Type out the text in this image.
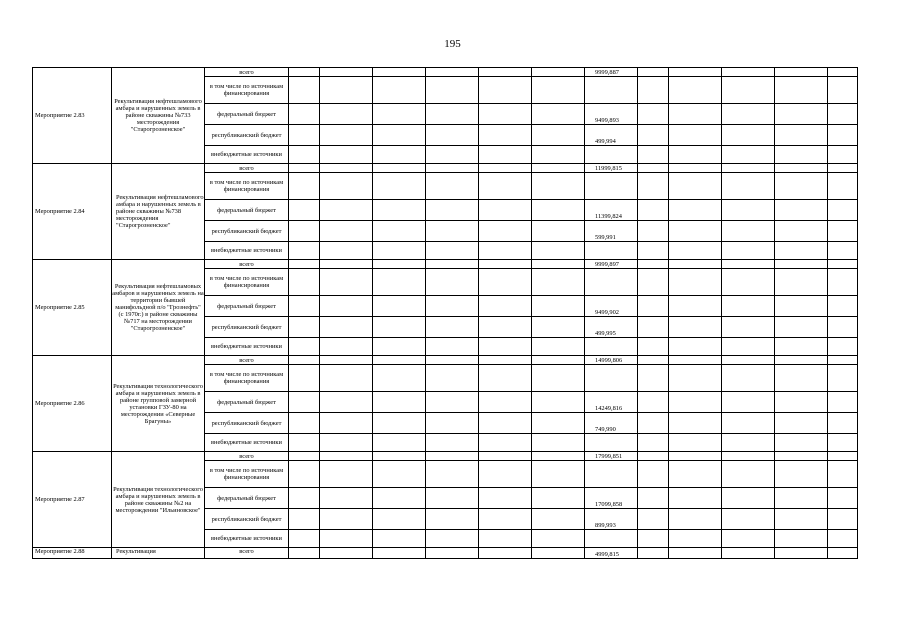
195
Мероприятие 2.83	Рекультивация нефтешламового амбара и нарушенных земель в районе скважины №733 месторождения "Старогрозненское"	всего							9999,887					
		в том числе по источникам финансирования												
		федеральный бюджет							9499,893					
		республиканский бюджет							499,994					
		внебюджетные источники												
Мероприятие 2.84	Рекультивация нефтешламового амбара и нарушенных земель в районе скважины №738 месторождения "Старогрозненское"	всего							11999,815					
		в том числе по источникам финансирования												
		федеральный бюджет							11399,824					
		республиканский бюджет							599,991					
		внебюджетные источники												
Мероприятие 2.85	Рекультивация нефтешламовых амбаров и нарушенных земель на территории бывшей манифольдной п/о "Грознефть" (с 1970г.) в районе скважины №717 на месторождении "Старогрозненское"	всего							9999,897					
		в том числе по источникам финансирования												
		федеральный бюджет							9499,902					
		республиканский бюджет							499,995					
		внебюджетные источники												
Мероприятие 2.86	Рекультивация технологического амбара и нарушенных земель в районе групповой замерной установки ГЗУ-80 на месторождении «Северные Брагуны»	всего							14999,806					
		в том числе по источникам финансирования												
		федеральный бюджет							14249,816					
		республиканский бюджет							749,990					
		внебюджетные источники												
Мероприятие 2.87	Рекультивация технологического амбара и нарушенных земель в районе скважины №2 на месторождении "Ильиновское"	всего							17999,851					
		в том числе по источникам финансирования												
		федеральный бюджет							17099,858					
		республиканский бюджет							899,993					
		внебюджетные источники												
Мероприятие 2.88	Рекультивация	всего							4999,815					
